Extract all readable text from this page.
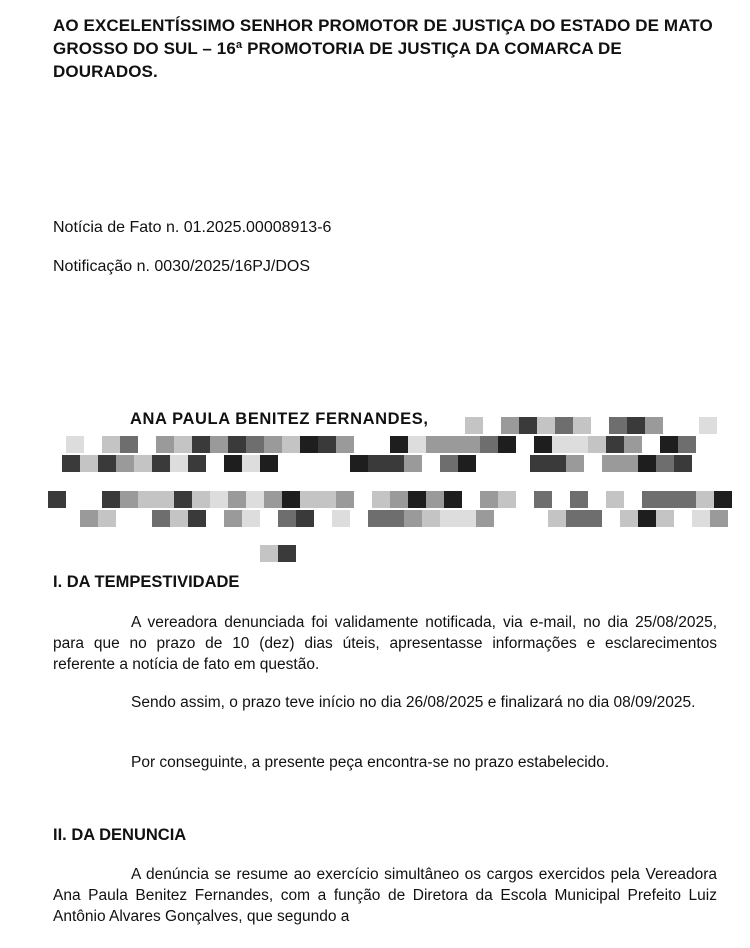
AO EXCELENTÍSSIMO SENHOR PROMOTOR DE JUSTIÇA DO ESTADO DE MATO GROSSO DO SUL – 16ª PROMOTORIA DE JUSTIÇA DA COMARCA DE DOURADOS.
Notícia de Fato n. 01.2025.00008913-6
Notificação n. 0030/2025/16PJ/DOS
ANA PAULA BENITEZ FERNANDES,
I. DA TEMPESTIVIDADE
A vereadora denunciada foi validamente notificada, via e-mail, no dia 25/08/2025, para que no prazo de 10 (dez) dias úteis, apresentasse informações e esclarecimentos referente a notícia de fato em questão.
Sendo assim, o prazo teve início no dia 26/08/2025 e finalizará no dia 08/09/2025.
Por conseguinte, a presente peça encontra-se no prazo estabelecido.
II. DA DENUNCIA
A denúncia se resume ao exercício simultâneo os cargos exercidos pela Vereadora Ana Paula Benitez Fernandes, com a função de Diretora da Escola Municipal Prefeito Luiz Antônio Alvares Gonçalves, que segundo a
